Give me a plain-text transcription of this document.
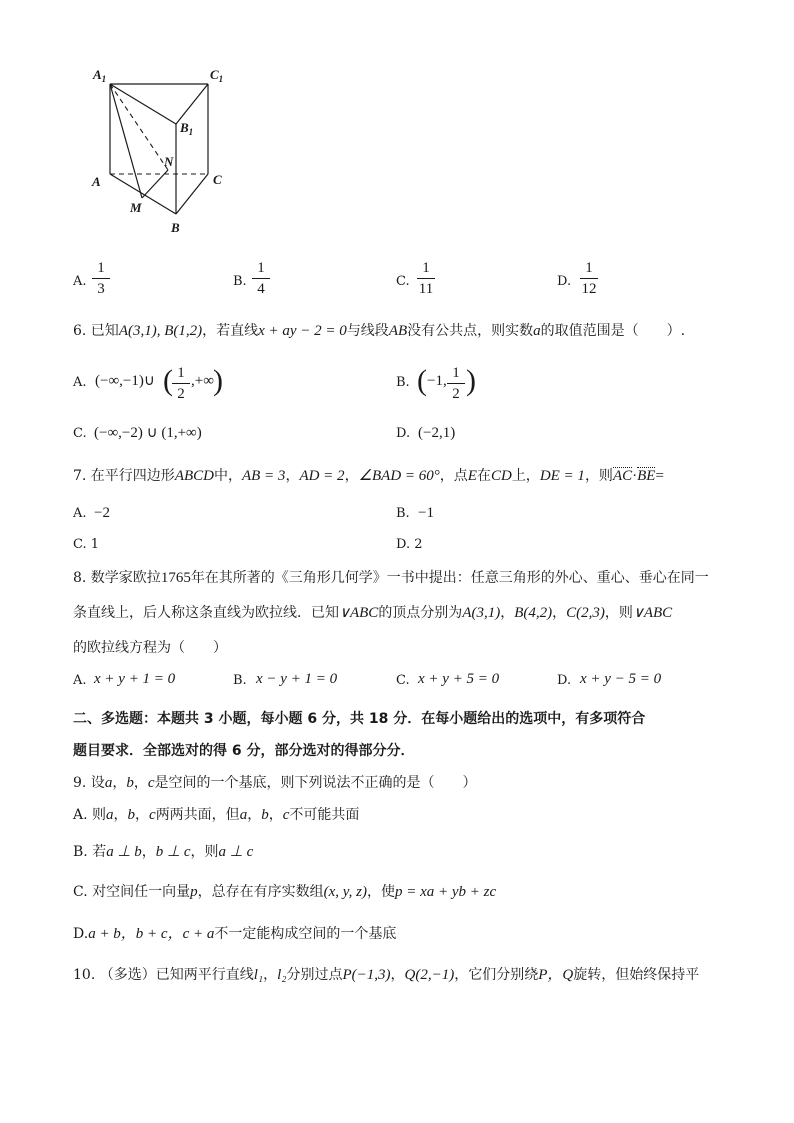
$A_1$	$C_1$
$B_1$
N
A	C
M
B
A.
1
3	B.
1
4	C.
1
11	D.
1
12
6. 已知A(3,1), B(1,2)，若直线x + ay − 2 = 0与线段AB没有公共点，则实数a的取值范围是（　　）.
A. (−∞,−1)∪ ( 1
2
,+∞ )	B. ( −1, 1
2 )
C. (−∞,−2) ∪ (1,+∞)	D. (−2,1)
7. 在平行四边形ABCD中，AB = 3，AD = 2，∠BAD = 60°，点E在CD上，DE = 1，则AC·BE=
A. −2	B. −1
C. 1	D. 2
8. 数学家欧拉1765年在其所著的《三角形几何学》一书中提出：任意三角形的外心、重心、垂心在同一
条直线上，后人称这条直线为欧拉线．已知∨ABC的顶点分别为A(3,1)，B(4,2)，C(2,3)，则∨ABC
的欧拉线方程为（　　）
A. x + y + 1 = 0	B. x − y + 1 = 0	C. x + y + 5 = 0	D. x + y − 5 = 0
二、多选题：本题共 3 小题，每小题 6 分，共 18 分．在每小题给出的选项中，有多项符合
题目要求．全部选对的得 6 分，部分选对的得部分分．
9. 设a，b，c是空间的一个基底，则下列说法不正确的是（　　）
A. 则a，b，c两两共面，但a，b，c不可能共面
B. 若a ⊥ b，b ⊥ c，则a ⊥ c
C. 对空间任一向量p，总存在有序实数组(x, y, z)，使p = xa + yb + zc
D.a + b，b + c，c + a不一定能构成空间的一个基底
10. （多选）已知两平行直线l₁，l₂分别过点P(−1,3)，Q(2,−1)，它们分别绕P，Q旋转，但始终保持平
